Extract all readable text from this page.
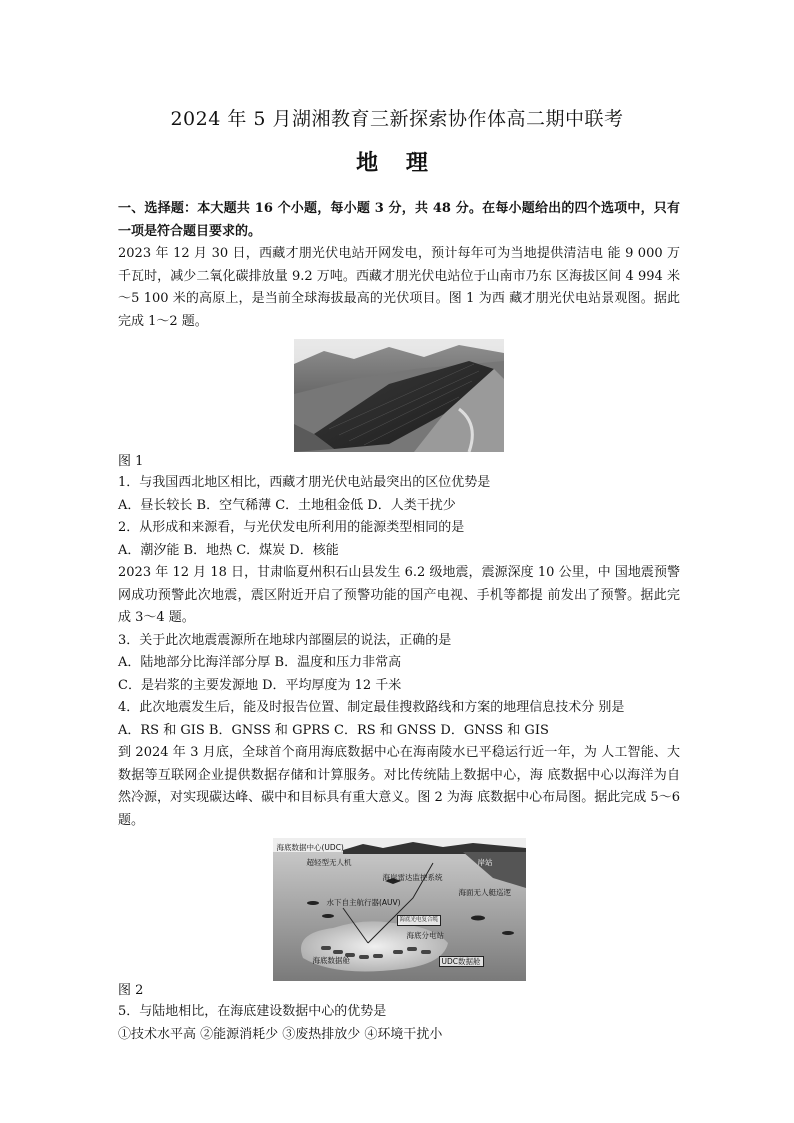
2024 年 5 月湖湘教育三新探索协作体高二期中联考
地 理

一、选择题：本大题共 16 个小题，每小题 3 分，共 48 分。在每小题给出的四个选项中，只有一项是符合题目要求的。

2023 年 12 月 30 日，西藏才朋光伏电站开网发电，预计每年可为当地提供清洁电 能 9 000 万千瓦时，减少二氧化碳排放量 9.2 万吨。西藏才朋光伏电站位于山南市乃东 区海拔区间 4 994 米～5 100 米的高原上，是当前全球海拔最高的光伏项目。图 1 为西 藏才朋光伏电站景观图。据此完成 1～2 题。

图 1

1．与我国西北地区相比，西藏才朋光伏电站最突出的区位优势是

A．昼长较长 B．空气稀薄 C．土地租金低 D．人类干扰少

2．从形成和来源看，与光伏发电所利用的能源类型相同的是

A．潮汐能 B．地热 C．煤炭 D．核能

2023 年 12 月 18 日，甘肃临夏州积石山县发生 6.2 级地震，震源深度 10 公里，中 国地震预警网成功预警此次地震，震区附近开启了预警功能的国产电视、手机等都提 前发出了预警。据此完成 3～4 题。

3．关于此次地震震源所在地球内部圈层的说法，正确的是

A．陆地部分比海洋部分厚 B．温度和压力非常高

C．是岩浆的主要发源地 D．平均厚度为 12 千米

4．此次地震发生后，能及时报告位置、制定最佳搜救路线和方案的地理信息技术分 别是

A．RS 和 GIS B．GNSS 和 GPRS C．RS 和 GNSS D．GNSS 和 GIS

到 2024 年 3 月底，全球首个商用海底数据中心在海南陵水已平稳运行近一年，为 人工智能、大数据等互联网企业提供数据存储和计算服务。对比传统陆上数据中心，海 底数据中心以海洋为自然冷源，对实现碳达峰、碳中和目标具有重大意义。图 2 为海 底数据中心布局图。据此完成 5～6 题。

海底数据中心(UDC)
超轻型无人机	岸站
海岸雷达监控系统
海面无人艇巡逻
水下自主航行器(AUV)
海底光电复合缆
海底分电站
海底数据舱	UDC数据舱

图 2

5．与陆地相比，在海底建设数据中心的优势是

①技术水平高 ②能源消耗少 ③废热排放少 ④环境干扰小
